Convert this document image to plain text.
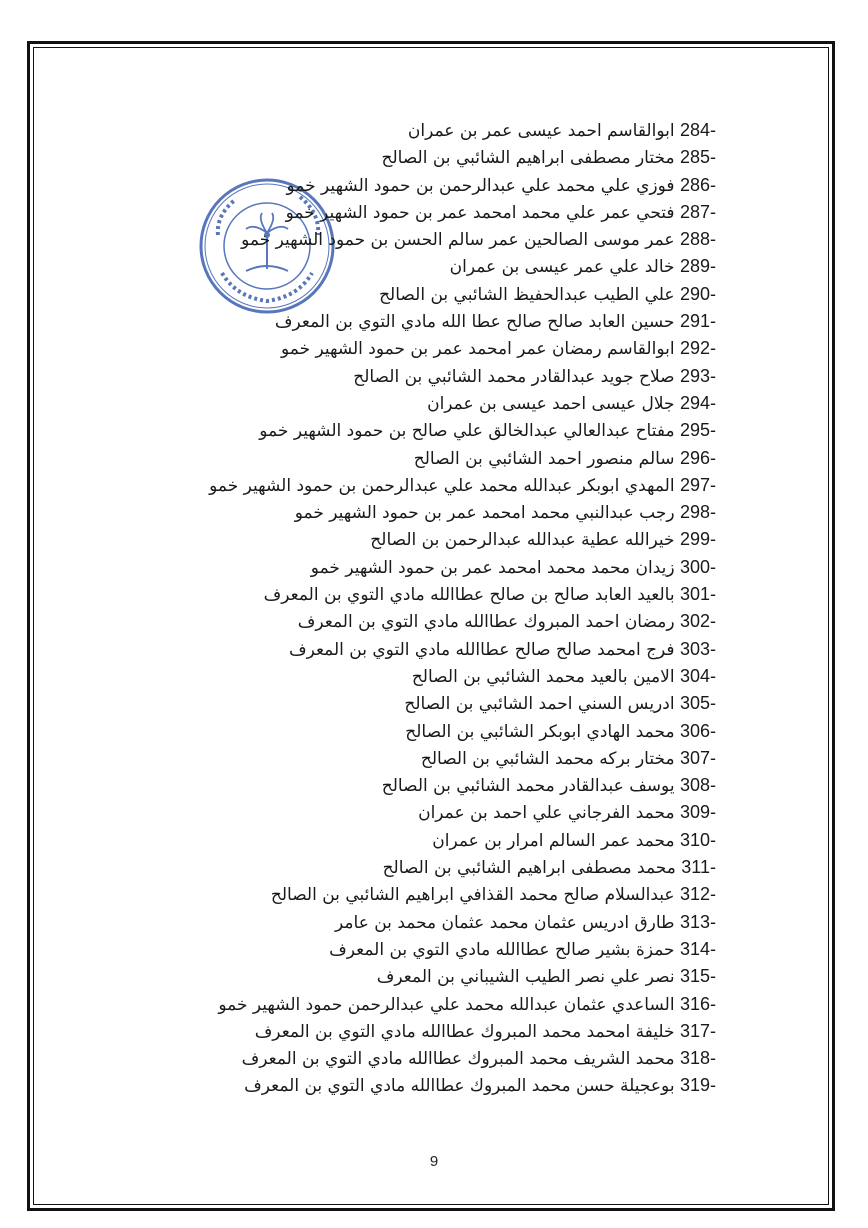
ابوالقاسم احمد عيسى عمر بن عمران 284-
مختار مصطفى ابراهيم الشائبي بن الصالح 285-
فوزي علي محمد علي عبدالرحمن بن حمود الشهير خمو 286-
فتحي عمر علي محمد امحمد عمر بن حمود الشهير خمو 287-
عمر موسى الصالحين عمر سالم الحسن بن حمود الشهير خمو 288-
خالد علي عمر عيسى بن عمران 289-
علي الطيب عبدالحفيظ الشائبي بن الصالح 290-
حسين العابد صالح صالح عطا الله مادي التوي بن المعرف 291-
ابوالقاسم رمضان عمر امحمد عمر بن حمود الشهير خمو 292-
صلاح جويد عبدالقادر محمد الشائبي بن الصالح 293-
جلال عيسى احمد عيسى بن عمران 294-
مفتاح عبدالعالي عبدالخالق علي صالح بن حمود الشهير خمو 295-
سالم منصور احمد الشائبي بن الصالح 296-
المهدي ابوبكر عبدالله محمد علي عبدالرحمن بن حمود الشهير خمو 297-
رجب عبدالنبي محمد امحمد عمر بن حمود الشهير خمو 298-
خيرالله عطية عبدالله عبدالرحمن بن الصالح 299-
زيدان محمد محمد امحمد عمر بن حمود الشهير خمو 300-
بالعيد العابد صالح بن صالح عطاالله مادي التوي بن المعرف 301-
رمضان احمد المبروك عطاالله مادي التوي بن المعرف 302-
فرج امحمد صالح صالح عطاالله مادي التوي بن المعرف 303-
الامين بالعيد محمد الشائبي بن الصالح 304-
ادريس السني احمد الشائبي بن الصالح 305-
محمد الهادي ابوبكر الشائبي بن الصالح 306-
مختار بركه محمد الشائبي بن الصالح 307-
يوسف عبدالقادر محمد الشائبي بن الصالح 308-
محمد الفرجاني علي احمد بن عمران 309-
محمد عمر السالم امرار بن عمران 310-
محمد مصطفى ابراهيم الشائبي بن الصالح 311-
عبدالسلام صالح محمد القذافي ابراهيم الشائبي بن الصالح 312-
طارق ادريس عثمان محمد عثمان محمد بن عامر 313-
حمزة بشير صالح عطاالله مادي التوي بن المعرف 314-
نصر علي نصر الطيب الشيباني بن المعرف 315-
الساعدي عثمان عبدالله محمد علي عبدالرحمن حمود الشهير خمو 316-
خليفة امحمد محمد المبروك عطاالله مادي التوي بن المعرف 317-
محمد الشريف محمد المبروك عطاالله مادي التوي بن المعرف 318-
بوعجيلة حسن محمد المبروك عطاالله مادي التوي بن المعرف 319-
9
